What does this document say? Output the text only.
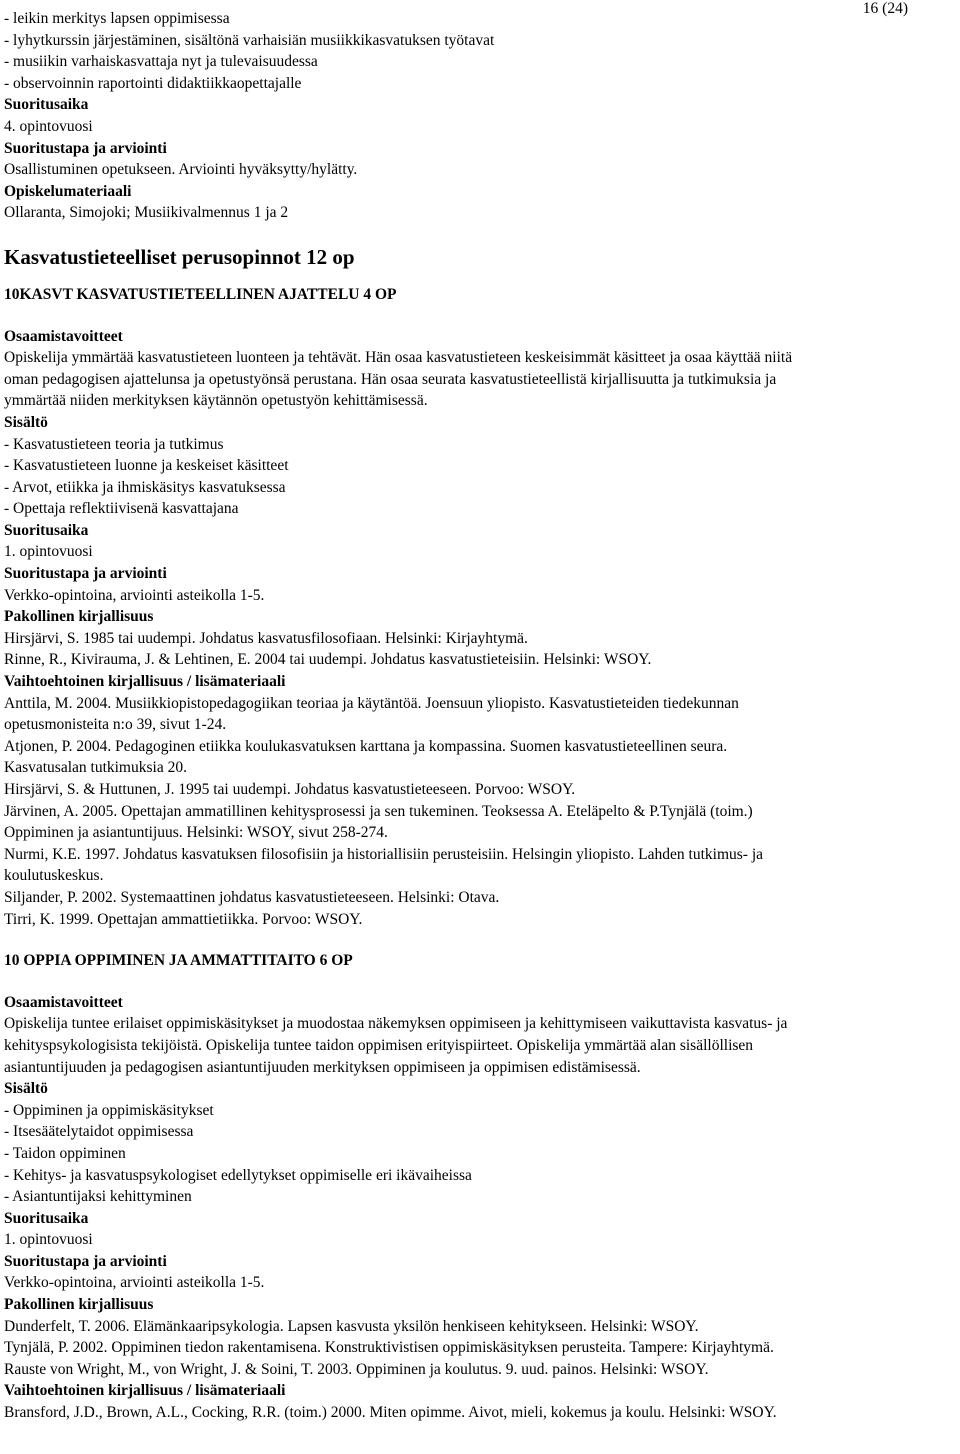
16 (24)
- leikin merkitys lapsen oppimisessa
- lyhytkurssin järjestäminen, sisältönä varhaisiän musiikkikasvatuksen työtavat
- musiikin varhaiskasvattaja nyt ja tulevaisuudessa
- observoinnin raportointi didaktiikkaopettajalle
Suoritusaika
4. opintovuosi
Suoritustapa ja arviointi
Osallistuminen opetukseen. Arviointi hyväksytty/hylätty.
Opiskelumateriaali
Ollaranta, Simojoki; Musiikivalmennus 1 ja 2
Kasvatustieteelliset perusopinnot 12 op
10KASVT KASVATUSTIETEELLINEN AJATTELU 4 OP
Osaamistavoitteet
Opiskelija ymmärtää kasvatustieteen luonteen ja tehtävät. Hän osaa kasvatustieteen keskeisimmät käsitteet ja osaa käyttää niitä
oman pedagogisen ajattelunsa ja opetustyönsä perustana. Hän osaa seurata kasvatustieteellistä kirjallisuutta ja tutkimuksia ja
ymmärtää niiden merkityksen käytännön opetustyön kehittämisessä.
Sisältö
- Kasvatustieteen teoria ja tutkimus
- Kasvatustieteen luonne ja keskeiset käsitteet
- Arvot, etiikka ja ihmiskäsitys kasvatuksessa
- Opettaja reflektiivisenä kasvattajana
Suoritusaika
1. opintovuosi
Suoritustapa ja arviointi
Verkko-opintoina, arviointi asteikolla 1-5.
Pakollinen kirjallisuus
Hirsjärvi, S. 1985 tai uudempi. Johdatus kasvatusfilosofiaan. Helsinki: Kirjayhtymä.
Rinne, R., Kivirauma, J. & Lehtinen, E. 2004 tai uudempi. Johdatus kasvatustieteisiin. Helsinki: WSOY.
Vaihtoehtoinen kirjallisuus / lisämateriaali
Anttila, M. 2004. Musiikkiopistopedagogiikan teoriaa ja käytäntöä. Joensuun yliopisto. Kasvatustieteiden tiedekunnan
opetusmonisteita n:o 39, sivut 1-24.
Atjonen, P. 2004. Pedagoginen etiikka koulukasvatuksen karttana ja kompassina. Suomen kasvatustieteellinen seura.
Kasvatusalan tutkimuksia 20.
Hirsjärvi, S. & Huttunen, J. 1995 tai uudempi. Johdatus kasvatustieteeseen. Porvoo: WSOY.
Järvinen, A. 2005. Opettajan ammatillinen kehitysprosessi ja sen tukeminen. Teoksessa A. Eteläpelto & P.Tynjälä (toim.)
Oppiminen ja asiantuntijuus. Helsinki: WSOY, sivut 258-274.
Nurmi, K.E. 1997. Johdatus kasvatuksen filosofisiin ja historiallisiin perusteisiin. Helsingin yliopisto. Lahden tutkimus- ja
koulutuskeskus.
Siljander, P. 2002. Systemaattinen johdatus kasvatustieteeseen. Helsinki: Otava.
Tirri, K. 1999. Opettajan ammattietiikka. Porvoo: WSOY.
10 OPPIA OPPIMINEN JA AMMATTITAITO 6 OP
Osaamistavoitteet
Opiskelija tuntee erilaiset oppimiskäsitykset ja muodostaa näkemyksen oppimiseen ja kehittymiseen vaikuttavista kasvatus- ja
kehityspsykologisista tekijöistä. Opiskelija tuntee taidon oppimisen erityispiirteet. Opiskelija ymmärtää alan sisällöllisen
asiantuntijuuden ja pedagogisen asiantuntijuuden merkityksen oppimiseen ja oppimisen edistämisessä.
Sisältö
- Oppiminen ja oppimiskäsitykset
- Itsesäätelytaidot oppimisessa
- Taidon oppiminen
- Kehitys- ja kasvatuspsykologiset edellytykset oppimiselle eri ikävaiheissa
- Asiantuntijaksi kehittyminen
Suoritusaika
1. opintovuosi
Suoritustapa ja arviointi
Verkko-opintoina, arviointi asteikolla 1-5.
Pakollinen kirjallisuus
Dunderfelt, T. 2006. Elämänkaaripsykologia. Lapsen kasvusta yksilön henkiseen kehitykseen. Helsinki: WSOY.
Tynjälä, P. 2002. Oppiminen tiedon rakentamisena. Konstruktivistisen oppimiskäsityksen perusteita. Tampere: Kirjayhtymä.
Rauste von Wright, M., von Wright, J. & Soini, T. 2003. Oppiminen ja koulutus. 9. uud. painos. Helsinki: WSOY.
Vaihtoehtoinen kirjallisuus / lisämateriaali
Bransford, J.D., Brown, A.L., Cocking, R.R. (toim.) 2000. Miten opimme. Aivot, mieli, kokemus ja koulu. Helsinki: WSOY.
